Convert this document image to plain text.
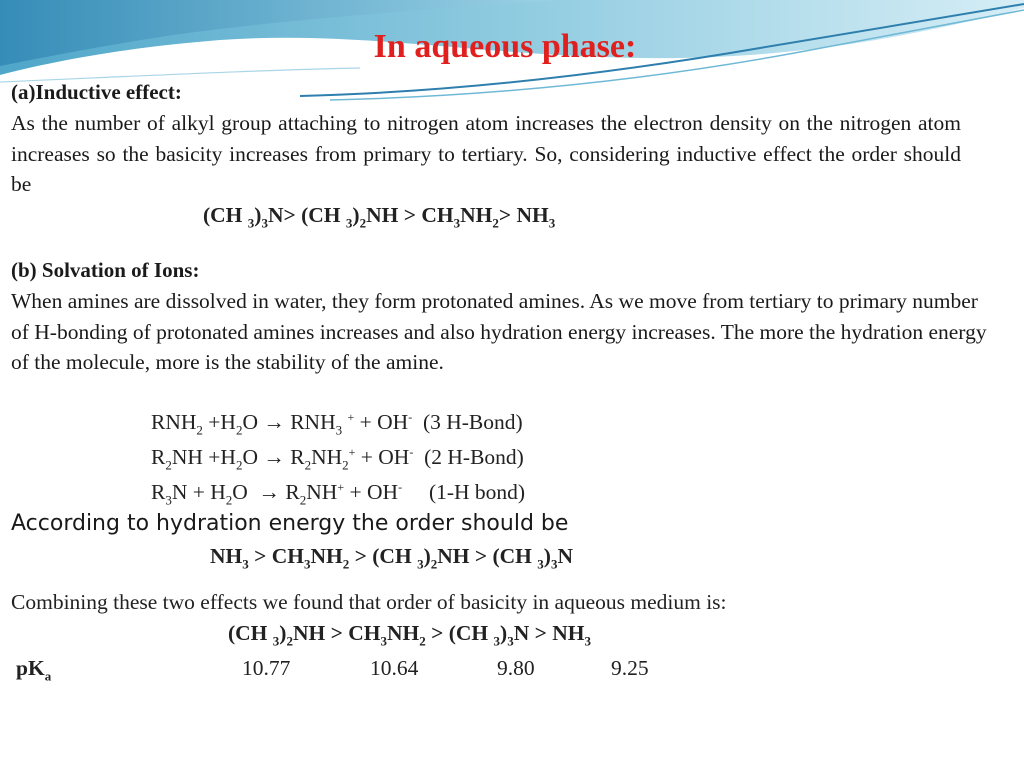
In aqueous phase:
(a)Inductive effect:
As the number of alkyl group attaching to nitrogen atom increases the electron density on the nitrogen atom increases so the basicity increases from primary to tertiary. So, considering inductive effect the order should be
(CH $_3)_3N> (CH$ $_3)_2NH > CH_3NH_2> NH_3$
(b) Solvation of Ions:
When amines are dissolved in water, they form protonated amines. As we move from tertiary to primary number of H-bonding of protonated amines increases and also hydration energy increases. The more the hydration energy of the molecule, more is the stability of the amine.
$RNH_2 +H_2O \to RNH_3$ + + OH- (3 H-Bond)
$R_2NH +H_2O \to R_2NH_2^+ + OH^-$ (2 H-Bond)
$R_3N + H_2O \to R_2NH^+ + OH^-$ (1-H bond)
According to hydration energy the order should be
$NH_3 > CH_3NH_2 > (CH$ $_3)_2NH > (CH$ $_3)_3N$
Combining these two effects we found that order of basicity in aqueous medium is:
(CH $_3)_2NH > CH_3NH_2 > (CH$ $_3)_3N > NH_3$
$pK_a$	10.77	10.64	9.80	9.25
